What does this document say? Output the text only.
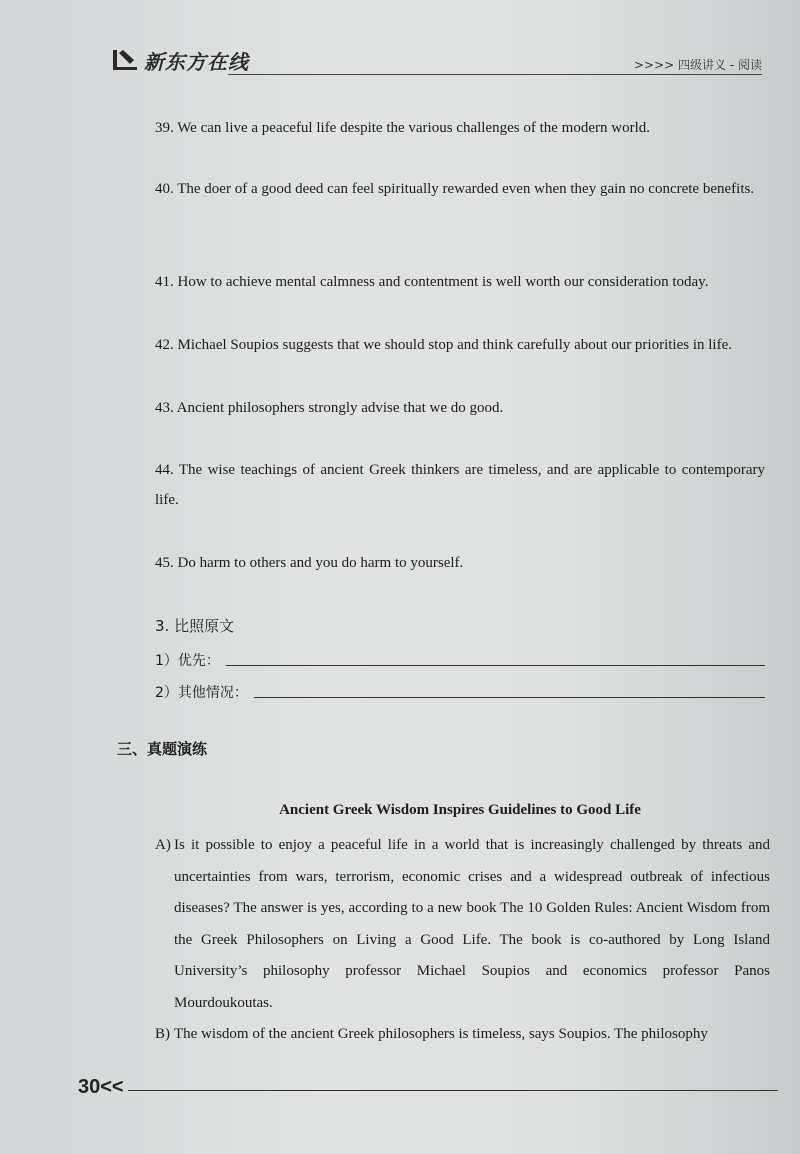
新东方在线	>>>> 四级讲义 - 阅读
39. We can live a peaceful life despite the various challenges of the modern world.
40. The doer of a good deed can feel spiritually rewarded even when they gain no concrete benefits.
41. How to achieve mental calmness and contentment is well worth our consideration today.
42. Michael Soupios suggests that we should stop and think carefully about our priorities in life.
43. Ancient philosophers strongly advise that we do good.
44. The wise teachings of ancient Greek thinkers are timeless, and are applicable to contemporary life.
45. Do harm to others and you do harm to yourself.
3. 比照原文
1）优先：
2）其他情况：
三、真题演练
Ancient Greek Wisdom Inspires Guidelines to Good Life
A) Is it possible to enjoy a peaceful life in a world that is increasingly challenged by threats and uncertainties from wars, terrorism, economic crises and a widespread outbreak of infectious diseases? The answer is yes, according to a new book The 10 Golden Rules: Ancient Wisdom from the Greek Philosophers on Living a Good Life. The book is co-authored by Long Island University’s philosophy professor Michael Soupios and economics professor Panos Mourdoukoutas.
B) The wisdom of the ancient Greek philosophers is timeless, says Soupios. The philosophy
30<<
